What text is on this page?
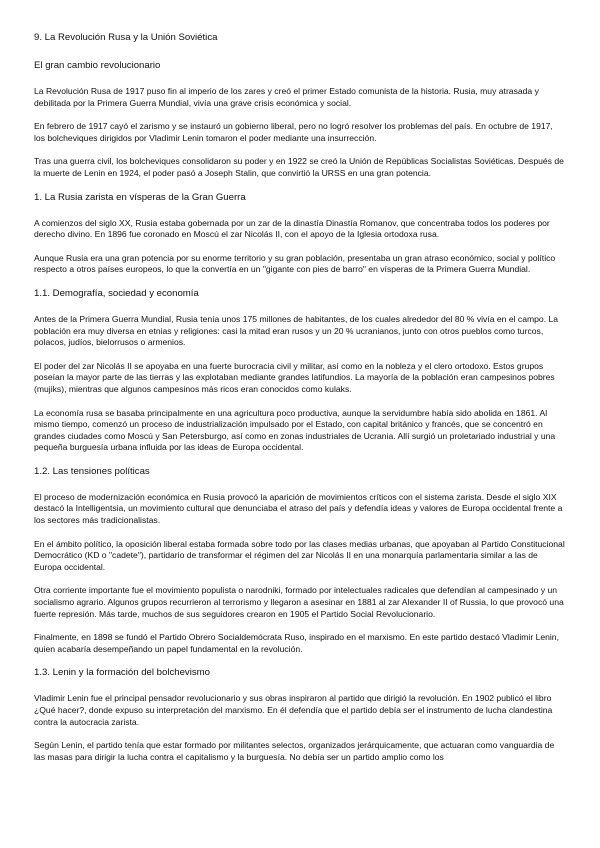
9. La Revolución Rusa y la Unión Soviética
El gran cambio revolucionario

La Revolución Rusa de 1917 puso fin al imperio de los zares y creó el primer Estado comunista de la historia. Rusia, muy atrasada y debilitada por la Primera Guerra Mundial, vivía una grave crisis económica y social.

En febrero de 1917 cayó el zarismo y se instauró un gobierno liberal, pero no logró resolver los problemas del país. En octubre de 1917, los bolcheviques dirigidos por Vladimir Lenin tomaron el poder mediante una insurrección.

Tras una guerra civil, los bolcheviques consolidaron su poder y en 1922 se creó la Unión de Repúblicas Socialistas Soviéticas. Después de la muerte de Lenin en 1924, el poder pasó a Joseph Stalin, que convirtió la URSS en una gran potencia.

1. La Rusia zarista en vísperas de la Gran Guerra

A comienzos del siglo XX, Rusia estaba gobernada por un zar de la dinastía Dinastía Romanov, que concentraba todos los poderes por derecho divino. En 1896 fue coronado en Moscú el zar Nicolás II, con el apoyo de la Iglesia ortodoxa rusa.

Aunque Rusia era una gran potencia por su enorme territorio y su gran población, presentaba un gran atraso económico, social y político respecto a otros países europeos, lo que la convertía en un "gigante con pies de barro" en vísperas de la Primera Guerra Mundial.

1.1. Demografía, sociedad y economía

Antes de la Primera Guerra Mundial, Rusia tenía unos 175 millones de habitantes, de los cuales alrededor del 80 % vivía en el campo. La población era muy diversa en etnias y religiones: casi la mitad eran rusos y un 20 % ucranianos, junto con otros pueblos como turcos, polacos, judíos, bielorrusos o armenios.

El poder del zar Nicolás II se apoyaba en una fuerte burocracia civil y militar, así como en la nobleza y el clero ortodoxo. Estos grupos poseían la mayor parte de las tierras y las explotaban mediante grandes latifundios. La mayoría de la población eran campesinos pobres (mujiks), mientras que algunos campesinos más ricos eran conocidos como kulaks.

La economía rusa se basaba principalmente en una agricultura poco productiva, aunque la servidumbre había sido abolida en 1861. Al mismo tiempo, comenzó un proceso de industrialización impulsado por el Estado, con capital británico y francés, que se concentró en grandes ciudades como Moscú y San Petersburgo, así como en zonas industriales de Ucrania. Allí surgió un proletariado industrial y una pequeña burguesía urbana influida por las ideas de Europa occidental.

1.2. Las tensiones políticas

El proceso de modernización económica en Rusia provocó la aparición de movimientos críticos con el sistema zarista. Desde el siglo XIX destacó la Intelligentsia, un movimiento cultural que denunciaba el atraso del país y defendía ideas y valores de Europa occidental frente a los sectores más tradicionalistas.

En el ámbito político, la oposición liberal estaba formada sobre todo por las clases medias urbanas, que apoyaban al Partido Constitucional Democrático (KD o "cadete"), partidario de transformar el régimen del zar Nicolás II en una monarquía parlamentaria similar a las de Europa occidental.

Otra corriente importante fue el movimiento populista o narodniki, formado por intelectuales radicales que defendían al campesinado y un socialismo agrario. Algunos grupos recurrieron al terrorismo y llegaron a asesinar en 1881 al zar Alexander II of Russia, lo que provocó una fuerte represión. Más tarde, muchos de sus seguidores crearon en 1905 el Partido Social Revolucionario.

Finalmente, en 1898 se fundó el Partido Obrero Socialdemócrata Ruso, inspirado en el marxismo. En este partido destacó Vladimir Lenin, quien acabaría desempeñando un papel fundamental en la revolución.

1.3. Lenin y la formación del bolchevismo

Vladimir Lenin fue el principal pensador revolucionario y sus obras inspiraron al partido que dirigió la revolución. En 1902 publicó el libro ¿Qué hacer?, donde expuso su interpretación del marxismo. En él defendía que el partido debía ser el instrumento de lucha clandestina contra la autocracia zarista.

Según Lenin, el partido tenía que estar formado por militantes selectos, organizados jerárquicamente, que actuaran como vanguardia de las masas para dirigir la lucha contra el capitalismo y la burguesía. No debía ser un partido amplio como los
